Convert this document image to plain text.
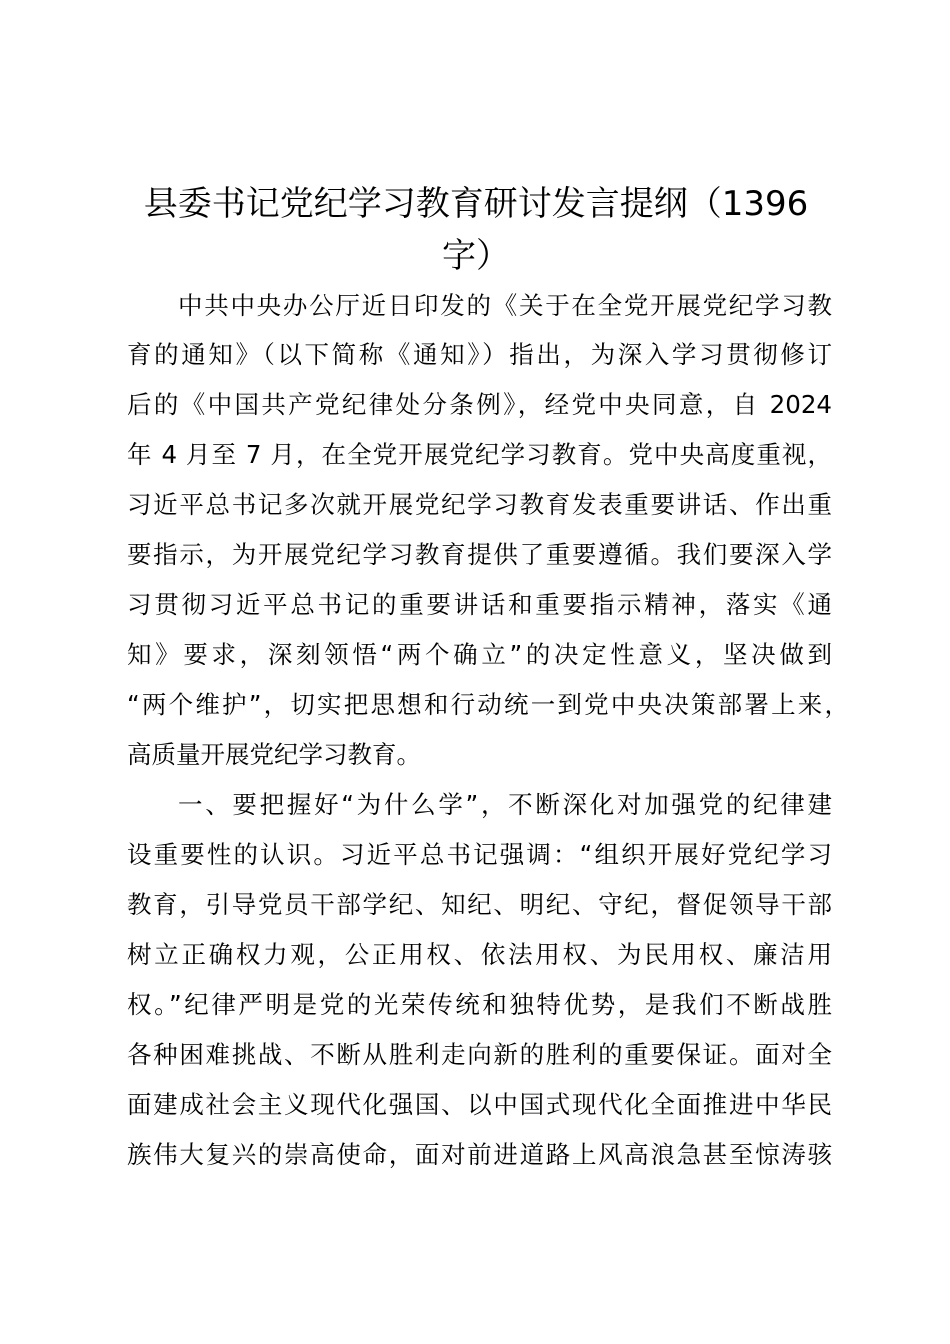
县委书记党纪学习教育研讨发言提纲（1396
字）

中共中央办公厅近日印发的《关于在全党开展党纪学习教

育的通知》（以下简称《通知》）指出，为深入学习贯彻修订

后的《中国共产党纪律处分条例》，经党中央同意，自 2024

年 4 月至 7 月，在全党开展党纪学习教育。党中央高度重视，

习近平总书记多次就开展党纪学习教育发表重要讲话、作出重

要指示，为开展党纪学习教育提供了重要遵循。我们要深入学

习贯彻习近平总书记的重要讲话和重要指示精神，落实《通

知》要求，深刻领悟“两个确立”的决定性意义，坚决做到

“两个维护”，切实把思想和行动统一到党中央决策部署上来，

高质量开展党纪学习教育。

一、要把握好“为什么学”，不断深化对加强党的纪律建

设重要性的认识。习近平总书记强调：“组织开展好党纪学习

教育，引导党员干部学纪、知纪、明纪、守纪，督促领导干部

树立正确权力观，公正用权、依法用权、为民用权、廉洁用

权。”纪律严明是党的光荣传统和独特优势，是我们不断战胜

各种困难挑战、不断从胜利走向新的胜利的重要保证。面对全

面建成社会主义现代化强国、以中国式现代化全面推进中华民

族伟大复兴的崇高使命，面对前进道路上风高浪急甚至惊涛骇
